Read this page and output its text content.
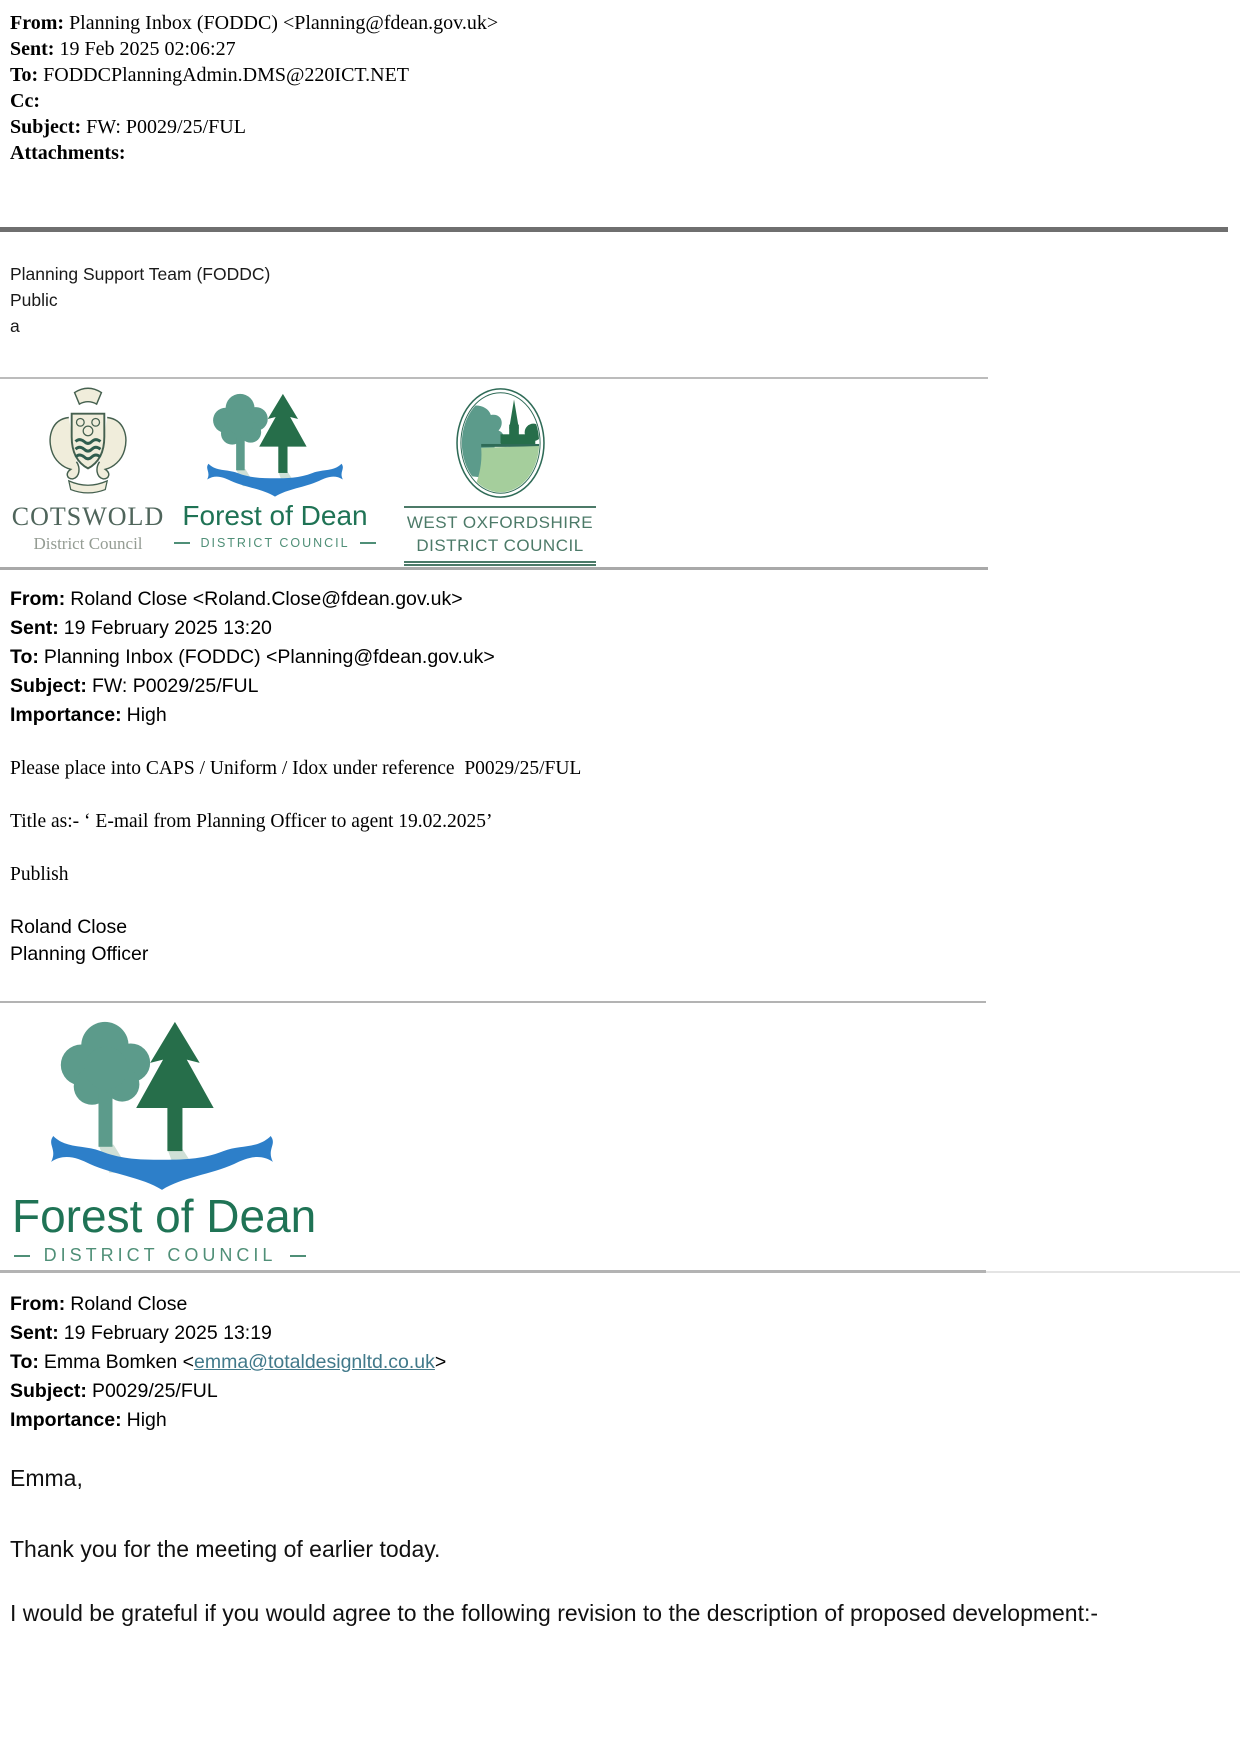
From: Planning Inbox (FODDC) <Planning@fdean.gov.uk>
Sent: 19 Feb 2025 02:06:27
To: FODDCPlanningAdmin.DMS@220ICT.NET
Cc:
Subject: FW: P0029/25/FUL
Attachments:
Planning Support Team (FODDC)
Public
a
COTSWOLD
District Council
Forest of Dean
DISTRICT COUNCIL
WEST OXFORDSHIRE
DISTRICT COUNCIL
From: Roland Close <Roland.Close@fdean.gov.uk>
Sent: 19 February 2025 13:20
To: Planning Inbox (FODDC) <Planning@fdean.gov.uk>
Subject: FW: P0029/25/FUL
Importance: High

Please place into CAPS / Uniform / Idox under reference  P0029/25/FUL

Title as:- ‘ E-mail from Planning Officer to agent 19.02.2025’

Publish

Roland Close
Planning Officer
Forest of Dean
DISTRICT COUNCIL
From: Roland Close
Sent: 19 February 2025 13:19
To: Emma Bomken <emma@totaldesignltd.co.uk>
Subject: P0029/25/FUL
Importance: High

Emma,

Thank you for the meeting of earlier today.

I would be grateful if you would agree to the following revision to the description of proposed development:-
